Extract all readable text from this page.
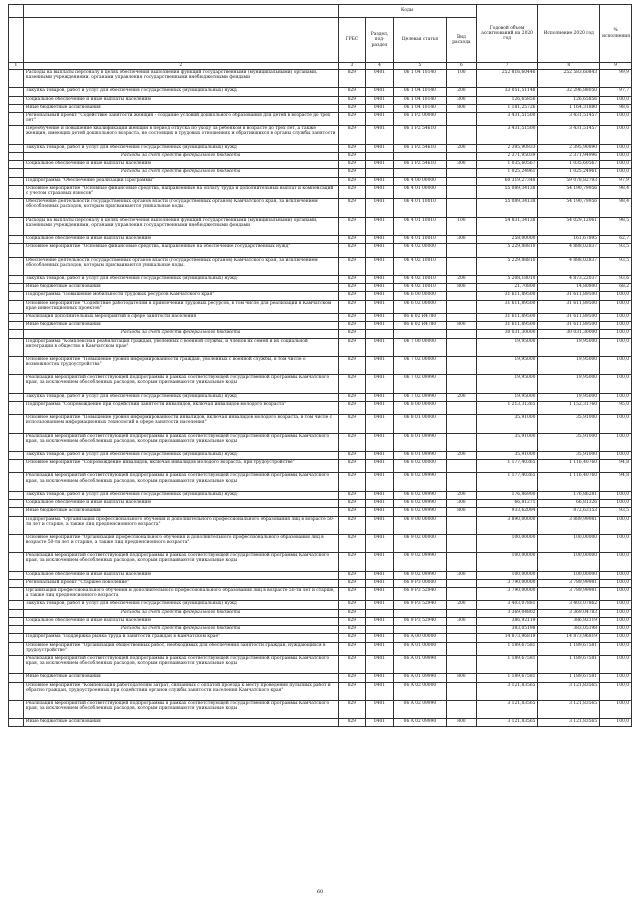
		Коды				Годовой объем ассигнований на 2020 год	Исполнение 2020 год	% исполнения
		ГРБС	Раздел, под-раздел	Целевая статья	Вид расхода			
1	2	3	4	5	6	7	8	9
	Расходы на выплаты персоналу в целях обеспечения выполнения функций государственными (муниципальными) органами, казенными учреждениями, органами управления государственными внебюджетными фондами	829	0401	06 1 04 10140	100	252 816,60446	252 583,60843	99,9
	Закупка товаров, работ и услуг для обеспечения государственных (муниципальных) нужд	829	0401	06 1 04 10140	200	33 051,51148	32 296,88050	97,7
	Социальное обеспечение и иные выплаты населению	829	0401	06 1 04 10140	300	126,65856	126,65856	100,0
	Иные бюджетные ассигнования	829	0401	06 1 04 10140	800	1 181,25726	1 164,31880	98,6
	Региональный проект "Содействие занятости женщин - создание условий дошкольного образования для детей в возрасте до трех лет"	829	0401	06 1 P2 00000		3 431,51500	3 431,51457	100,0
	Переобучение и повышение квалификации женщин в период отпуска по уходу за ребенком в возрасте до трех лет, а также женщин, имеющих детей дошкольного возраста, не состоящих в трудовых отношениях и обратившихся в органы службы занятости	829	0401	06 1 P2 54610		3 431,51500	3 431,51457	100,0
	Закупка товаров, работ и услуг для обеспечения государственных (муниципальных) нужд	829	0401	06 1 P2 54610	200	2 395,90933	2 395,90890	100,0
	Расходы за счет средств федерального бюджета	829				2 371,95039	2 371,94996	100,0
	Социальное обеспечение и иные выплаты населению	829	0401	06 1 P2 54610	300	1 035,60567	1 035,60567	100,0
	Расходы за счет средств федерального бюджета	829				1 025,24961	1 025,24961	100,0
	Подпрограмма "Обеспечение реализации Программы"	829	0401	06 4 00 00000		60 319,27348	59 078,82793	97,9
	Основное мероприятие "Основные финансовые средства, направленные на оплату труда и дополнительных выплат и компенсаций с учетом страховых взносов"	829	0401	06 4 01 00000		55 089,34138	54 190,79956	98,4
	Обеспечение деятельности государственных органов власти (государственных органов) Камчатского края, за исключением обособленных расходов, которым присваиваются уникальные коды.	829	0401	06 4 01 10010		55 089,34138	54 190,79956	98,4
	Расходы на выплаты персоналу в целях обеспечения выполнения функций государственными (муниципальными) органами, казенными учреждениями, органами управления государственными внебюджетными фондами	829	0401	06 4 01 10010	100	54 831,34138	54 029,12061	98,5
	Социальное обеспечение и иные выплаты населению	829	0401	06 4 01 10010	300	258,00000	161,67895	62,7
	Основное мероприятие "Основные финансовые средства, направленные на обеспечение государственных нужд"	829	0401	06 4 02 00000		5 229,88810	4 888,02837	93,5
	Обеспечение деятельности государственных органов власти (государственных органов) Камчатского края, за исключением обособленных расходов, которым присваиваются уникальные коды.	829	0401	06 4 02 10010		5 229,88810	4 888,02837	93,5
	Закупка товаров, работ и услуг для обеспечения государственных (муниципальных) нужд	829	0401	06 4 02 10010	200	5 208,18010	4 873,22037	93,6
	Иные бюджетные ассигнования	829	0401	06 4 02 10010	800	21,70800	14,80800	68,2
	Подпрограмма "Повышение мобильности трудовых ресурсов Камчатского края"	829	0401	06 6 00 00000		31 611,89500	31 611,89500	100,0
	Основное мероприятие "Содействие работодателям в привлечении трудовых ресурсов, в том числе для реализации в Камчатском крае инвестиционных проектов"	829	0401	06 6 02 00000		31 611,89500	31 611,89500	100,0
	Реализация дополнительных мероприятий в сфере занятости населения	829	0401	06 6 02 R4780		31 611,89500	31 611,89500	100,0
	Иные бюджетные ассигнования	829	0401	06 6 02 R4780	800	31 611,89500	31 611,89500	100,0
	Расходы за счет средств федерального бюджета	829				30 031,30000	30 031,30000	100,0
	Подпрограмма "Комплексная реабилитация граждан, уволенных с военной службы, и членов их семей и их социальной интеграции в общество в Камчатском крае"	829	0401	06 7 00 00000		19,95000	19,95000	100,0
	Основное мероприятие "Повышение уровня информированности граждан, уволенных с военной службы, в том числе о возможностях трудоустройства"	829	0401	06 7 02 00000		19,95000	19,95000	100,0
	Реализация мероприятий соответствующей подпрограммы в рамках соответствующей государственной программы Камчатского края, за исключением обособленных расходов, которым присваиваются уникальные коды	829	0401	06 7 02 09990		19,95000	19,95000	100,0
	Закупка товаров, работ и услуг для обеспечения государственных (муниципальных) нужд	829	0401	06 7 02 09990	200	19,95000	19,95000	100,0
	Подпрограмма "Сопровождение при содействии занятости инвалидов, включая инвалидов молодого возраста"	829	0401	06 8 00 00000		1 213,31365	1 152,31760	95,0
	Основное мероприятие "Повышение уровня информированности инвалидов, включая инвалидов молодого возраста, в том числе с использованием информационных технологий в сфере занятости населения"	829	0401	06 8 01 00000		35,91000	35,91000	100,0
	Реализация мероприятий соответствующей подпрограммы в рамках соответствующей государственной программы Камчатского края, за исключением обособленных расходов, которым присваиваются уникальные коды	829	0401	06 8 01 09990		35,91000	35,91000	100,0
	Закупка товаров, работ и услуг для обеспечения государственных (муниципальных) нужд	829	0401	06 8 01 09990	200	35,91000	35,91000	100,0
	Основное мероприятие "Сопровождение инвалидов, включая инвалидов молодого возраста, при трудоустройстве"	829	0401	06 8 02 00000		1 177,40365	1 116,40760	94,8
	Реализация мероприятий соответствующей подпрограммы в рамках соответствующей государственной программы Камчатского края, за исключением обособленных расходов, которым присваиваются уникальные коды	829	0401	06 8 02 09990		1 177,40365	1 116,40760	94,8
	Закупка товаров, работ и услуг для обеспечения государственных (муниципальных) нужд	829	0401	06 8 02 09990	200	176,86900	176,86281	100,0
	Социальное обеспечение и иные выплаты населению	829	0401	06 8 02 09990	300	66,81271	66,81326	100,0
	Иные бюджетные ассигнования	829	0401	06 8 02 09990	800	933,62094	872,63153	93,5
	Подпрограмма "Организация профессионального обучения и дополнительного профессионального образования лиц в возрасте 50-ти лет и старше, а также лиц предпенсионного возраста"	829	0401	06 9 00 00000		3 890,00000	3 889,99981	100,0
	Основное мероприятие "Организация профессионального обучения и дополнительного профессионального образования лиц в возрасте 50-ти лет и старше, а также лиц предпенсионного возраста"	829	0401	06 9 02 00000		100,00000	100,00000	100,0
	Реализация мероприятий соответствующей подпрограммы в рамках соответствующей государственной программы Камчатского края, за исключением обособленных расходов, которым присваиваются уникальные коды	829	0401	06 9 02 09990		100,00000	100,00000	100,0
	Социальное обеспечение и иные выплаты населению	829	0401	06 9 02 09990	300	100,00000	100,00000	100,0
	Региональный проект "Старшее поколение"	829	0401	06 9 P3 00000		3 790,00000	3 789,99981	100,0
	Организация профессионального обучения и дополнительного профессионального образования лиц в возрасте 50-ти лет и старше, а также лиц предпенсионного возраста	829	0401	06 9 P3 52940		3 790,00000	3 789,99981	100,0
	Закупка товаров, работ и услуг для обеспечения государственных (муниципальных) нужд	829	0401	06 9 P3 52940	200	3 403,07881	3 403,07862	100,0
	Расходы за счет средств федерального бюджета	829				3 369,04802	3 369,04783	100,0
	Социальное обеспечение и иные выплаты населению	829	0401	06 9 P3 52940	300	386,92119	386,92119	100,0
	Расходы за счет средств федерального бюджета	829				383,05198	383,05198	100,0
	Подпрограмма "Поддержка рынка труда и занятости граждан в Камчатском крае"	829	0401	06 A 00 00000		14 873,96819	14 873,96819	100,0
	Основное мероприятие "Организация общественных работ, необходимых для обеспечения занятости граждан, нуждающихся в трудоустройстве"	829	0401	06 A 01 00000		1 189,67581	1 189,67581	100,0
	Реализация мероприятий соответствующей подпрограммы в рамках соответствующей государственной программы Камчатского края, за исключением обособленных расходов, которым присваиваются уникальные коды	829	0401	06 A 01 09990		1 189,67581	1 189,67581	100,0
	Иные бюджетные ассигнования	829	0401	06 A 01 09990	800	1 189,67581	1 189,67581	100,0
	Основное мероприятие "Компенсация работодателям затрат, связанных с оплатой проезда к месту проведения пульпных работ и обратно граждан, трудоустроенных при содействии органов службы занятости населения Камчатского края"	829	0401	06 A 02 00000		3 121,83565	3 121,83565	100,0
	Реализация мероприятий соответствующей подпрограммы в рамках соответствующей государственной программы Камчатского края, за исключением обособленных расходов, которым присваиваются уникальные коды	829	0401	06 A 02 09990		3 121,83565	3 121,83565	100,0
	Иные бюджетные ассигнования	829	0401	06 A 02 09990	800	3 121,83565	3 121,83565	100,0
60
